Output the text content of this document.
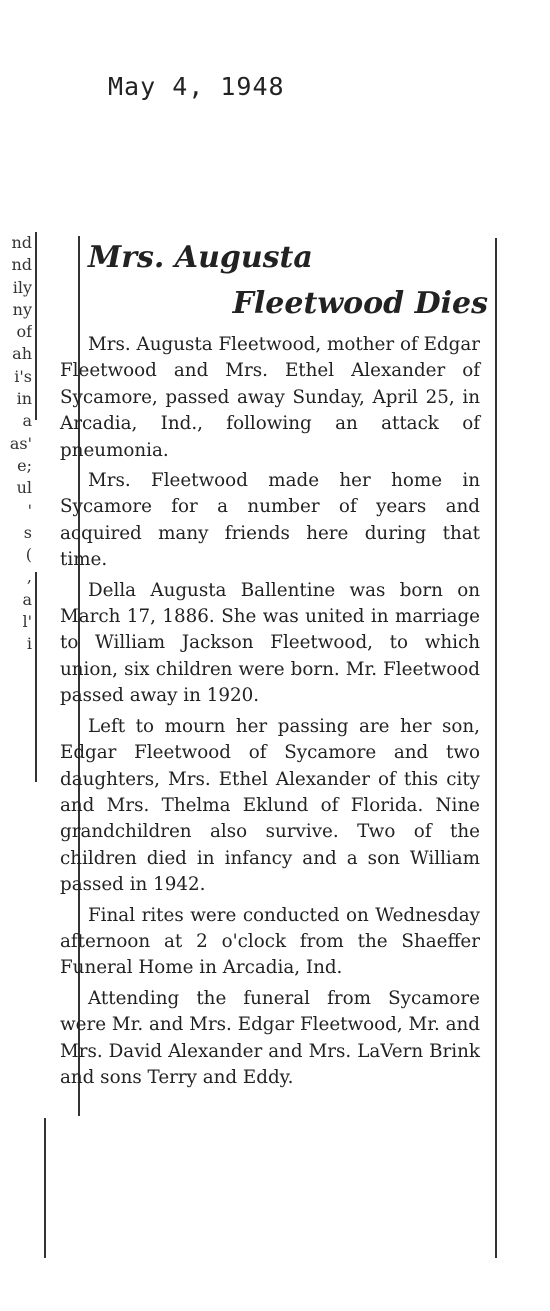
May 4, 1948
nd
nd
ily
ny
of
ah
i's
in
a
as'
e;
ul
'
s
(
,
a
l'
i
Mrs. Augusta
Fleetwood Dies

Mrs. Augusta Fleetwood, mother of Edgar Fleetwood and Mrs. Ethel Alexander of Sycamore, passed away Sunday, April 25, in Arcadia, Ind., following an attack of pneumonia.

Mrs. Fleetwood made her home in Sycamore for a number of years and acquired many friends here during that time.

Della Augusta Ballentine was born on March 17, 1886. She was united in marriage to William Jackson Fleetwood, to which union, six children were born. Mr. Fleetwood passed away in 1920.

Left to mourn her passing are her son, Edgar Fleetwood of Sycamore and two daughters, Mrs. Ethel Alexander of this city and Mrs. Thelma Eklund of Florida. Nine grandchildren also survive. Two of the children died in infancy and a son William passed in 1942.

Final rites were conducted on Wednesday afternoon at 2 o'clock from the Shaeffer Funeral Home in Arcadia, Ind.

Attending the funeral from Sycamore were Mr. and Mrs. Edgar Fleetwood, Mr. and Mrs. David Alexander and Mrs. LaVern Brink and sons Terry and Eddy.
